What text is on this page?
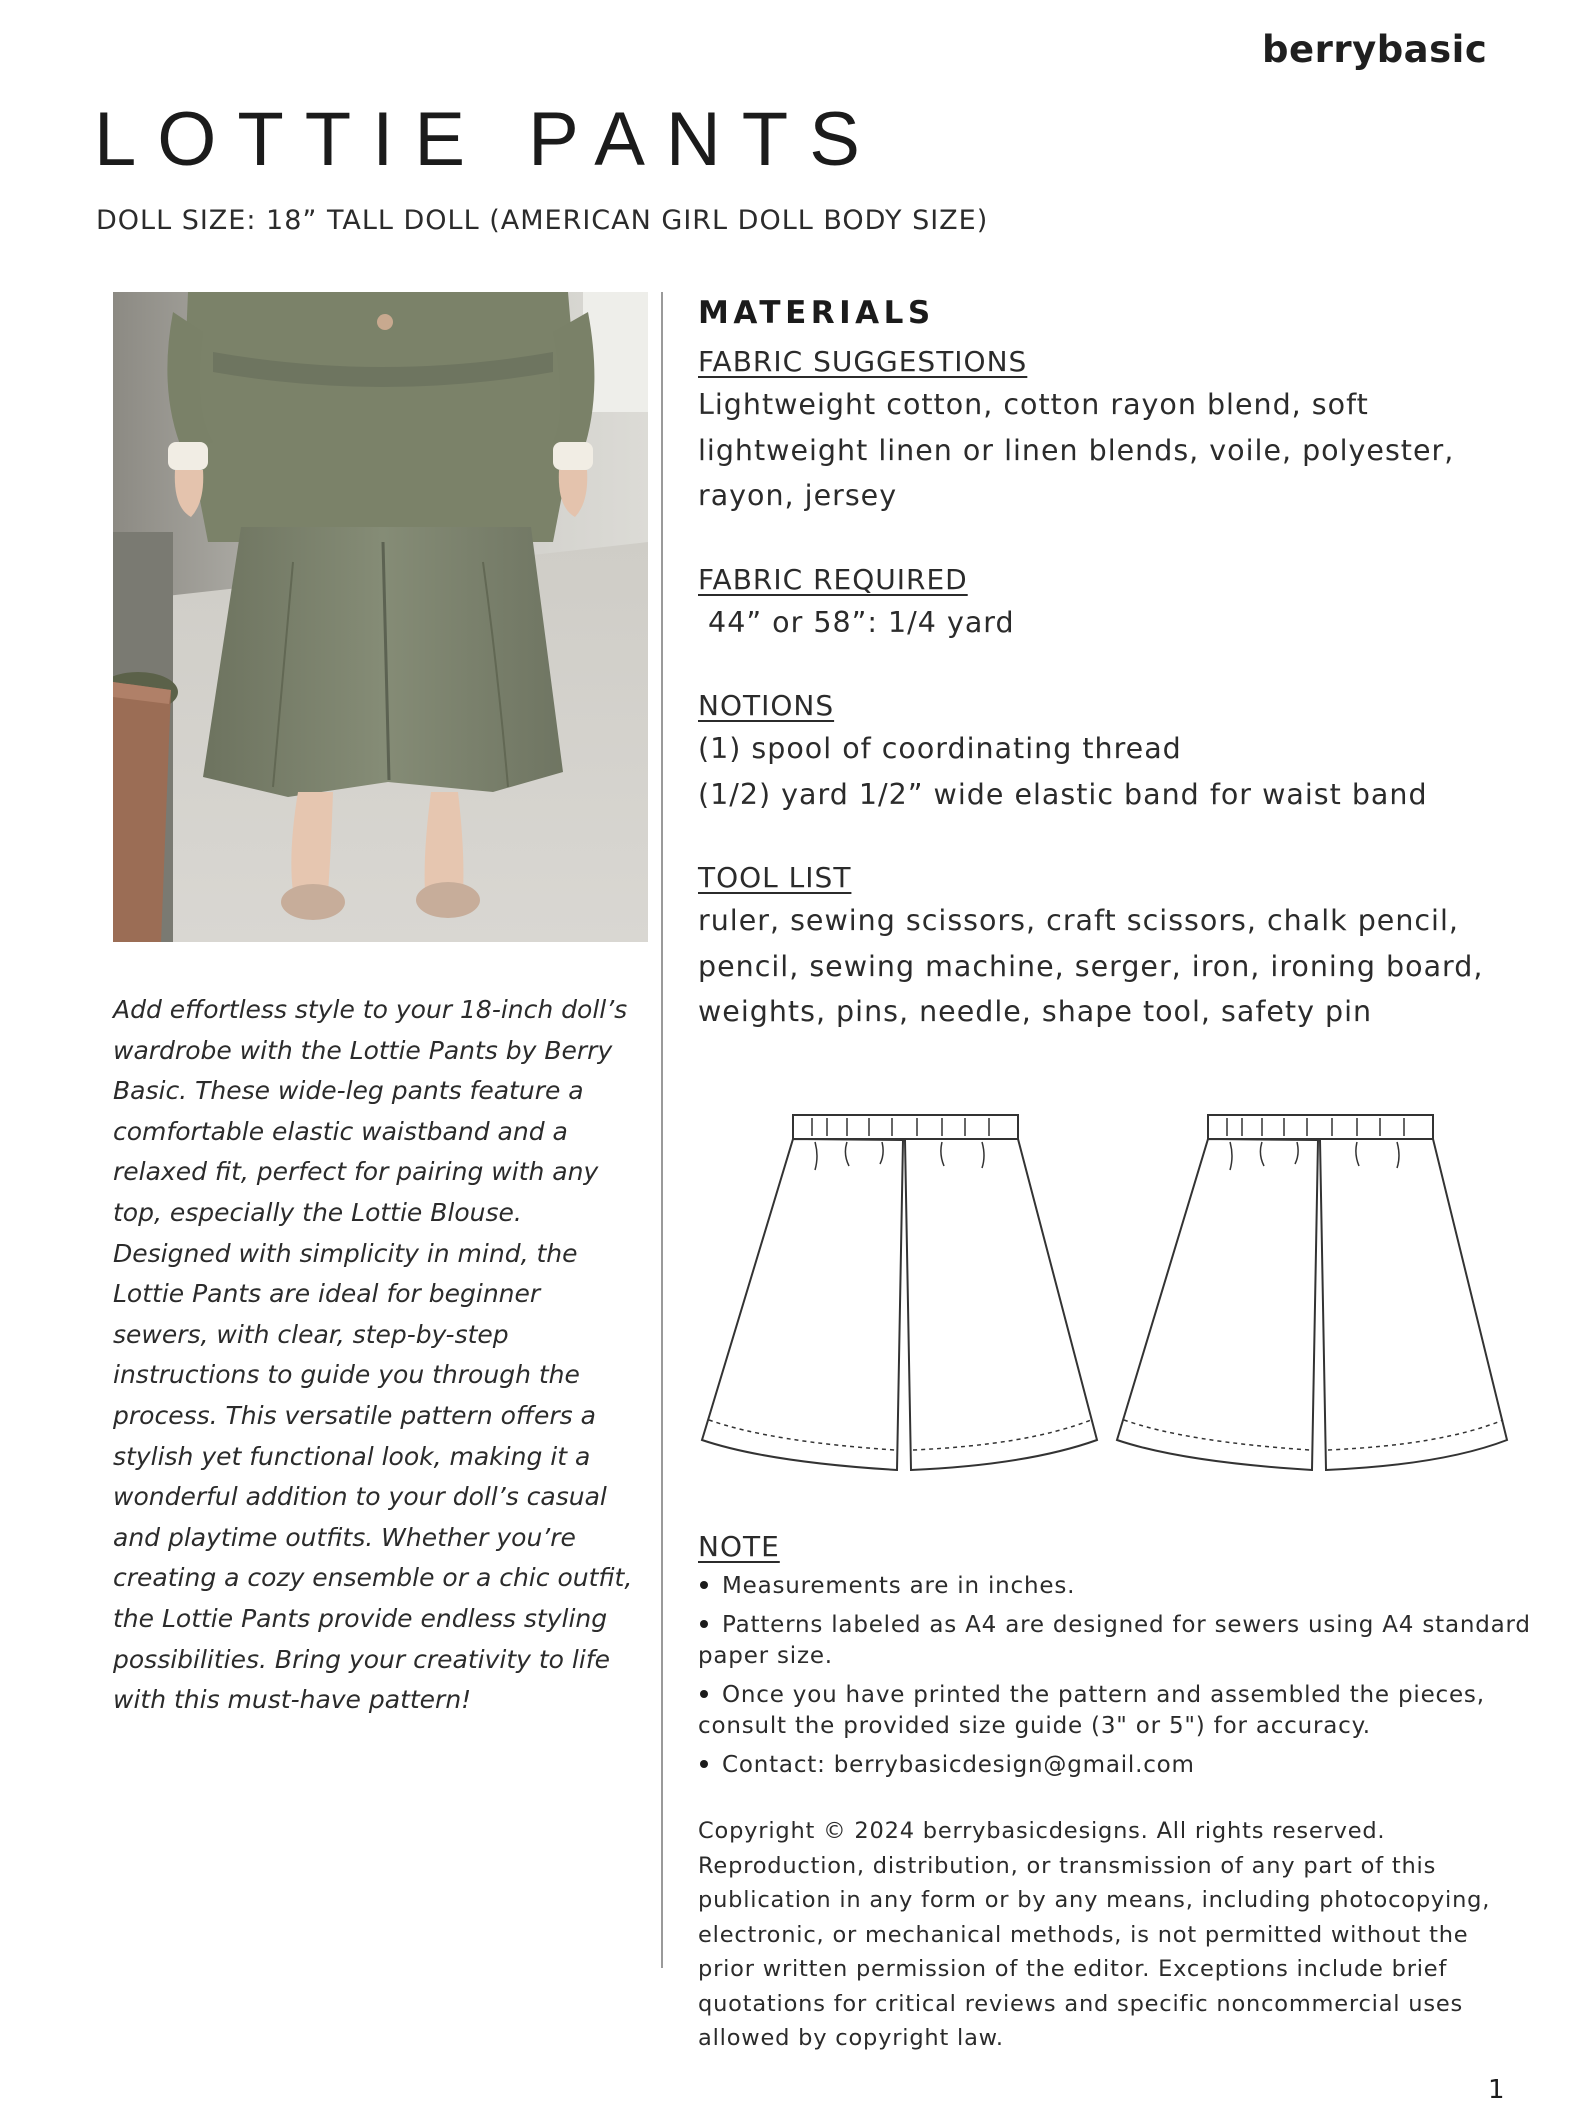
berrybasic
LOTTIE PANTS
DOLL SIZE: 18” TALL DOLL (AMERICAN GIRL DOLL BODY SIZE)
Add effortless style to your 18-inch doll’s wardrobe with the Lottie Pants by Berry Basic. These wide-leg pants feature a comfortable elastic waistband and a relaxed fit, perfect for pairing with any top, especially the Lottie Blouse. Designed with simplicity in mind, the Lottie Pants are ideal for beginner sewers, with clear, step-by-step instructions to guide you through the process. This versatile pattern offers a stylish yet functional look, making it a wonderful addition to your doll’s casual and playtime outfits. Whether you’re creating a cozy ensemble or a chic outfit, the Lottie Pants provide endless styling possibilities. Bring your creativity to life with this must-have pattern!
MATERIALS
FABRIC SUGGESTIONS
Lightweight cotton, cotton rayon blend, soft
lightweight linen or linen blends, voile, polyester,
rayon, jersey
FABRIC REQUIRED
44” or 58”: 1/4 yard
NOTIONS
(1) spool of coordinating thread
(1/2) yard 1/2” wide elastic band for waist band
TOOL LIST
ruler, sewing scissors, craft scissors, chalk pencil,
pencil, sewing machine, serger, iron, ironing board,
weights, pins, needle, shape tool, safety pin
NOTE
Measurements are in inches.
Patterns labeled as A4 are designed for sewers using A4 standard paper size.
Once you have printed the pattern and assembled the pieces, consult the provided size guide (3" or 5") for accuracy.
Contact: berrybasicdesign@gmail.com
Copyright © 2024 berrybasicdesigns. All rights reserved. Reproduction, distribution, or transmission of any part of this publication in any form or by any means, including photocopying, electronic, or mechanical methods, is not permitted without the prior written permission of the editor. Exceptions include brief quotations for critical reviews and specific noncommercial uses allowed by copyright law.
1
